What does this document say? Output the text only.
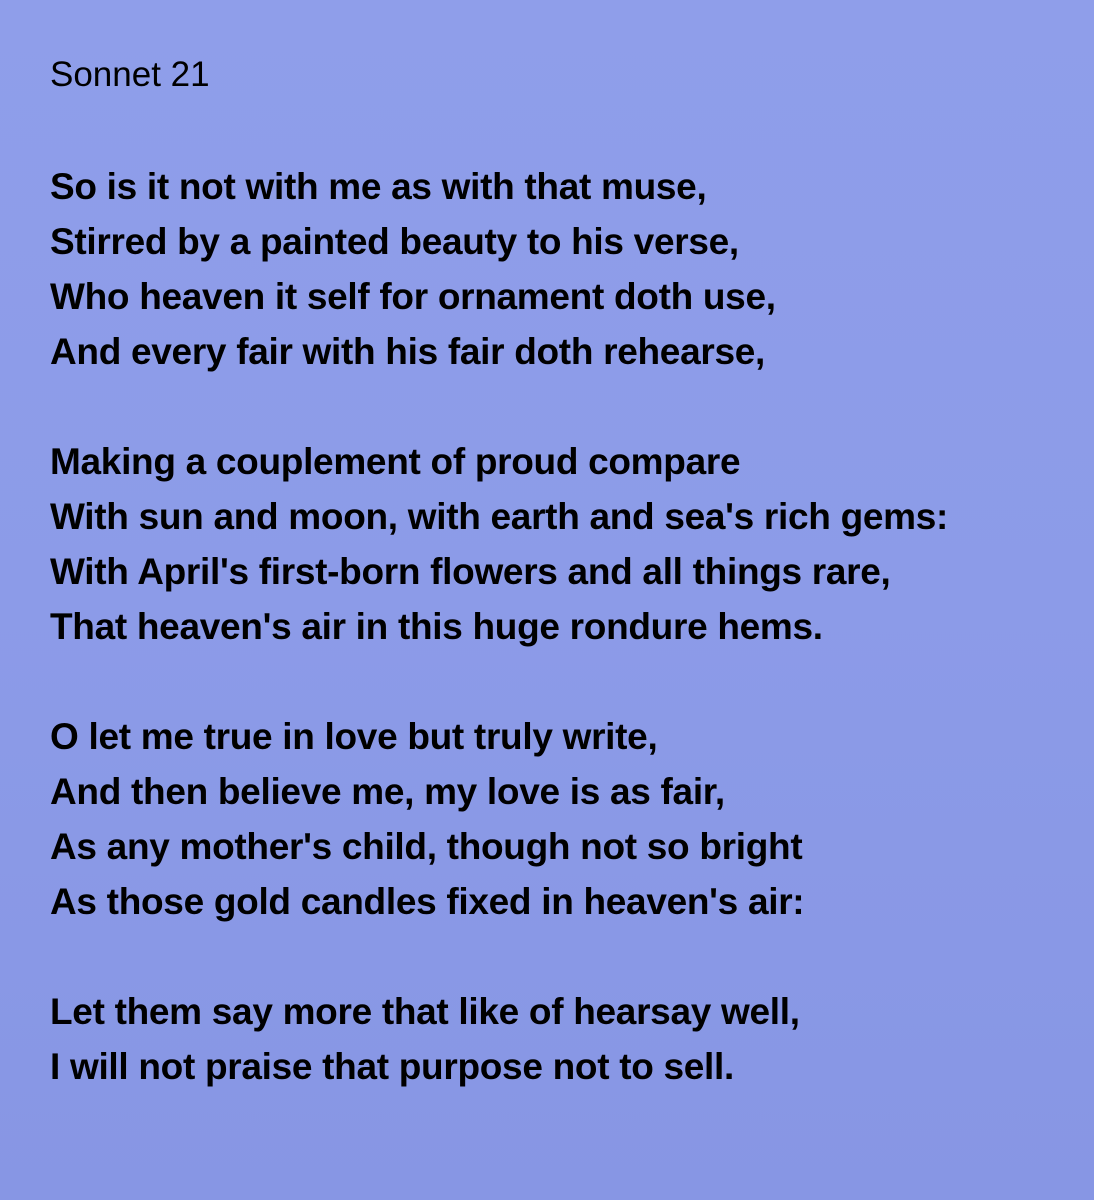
Sonnet 21
So is it not with me as with that muse,
Stirred by a painted beauty to his verse,
Who heaven it self for ornament doth use,
And every fair with his fair doth rehearse,
Making a couplement of proud compare
With sun and moon, with earth and sea's rich gems:
With April's first-born flowers and all things rare,
That heaven's air in this huge rondure hems.
O let me true in love but truly write,
And then believe me, my love is as fair,
As any mother's child, though not so bright
As those gold candles fixed in heaven's air:
Let them say more that like of hearsay well,
I will not praise that purpose not to sell.
